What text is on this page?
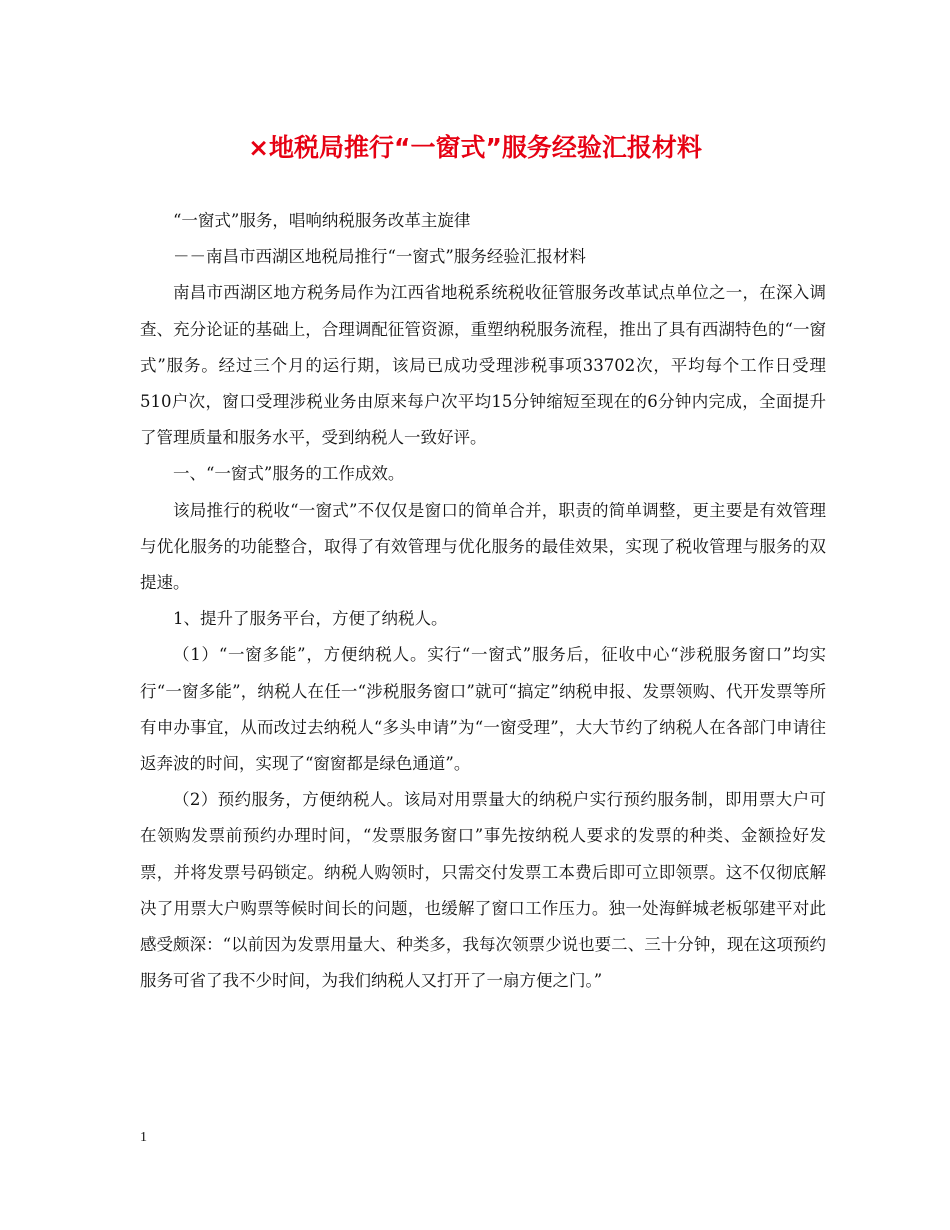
×地税局推行“一窗式”服务经验汇报材料

“一窗式”服务，唱响纳税服务改革主旋律

－－南昌市西湖区地税局推行“一窗式”服务经验汇报材料

南昌市西湖区地方税务局作为江西省地税系统税收征管服务改革试点单位之一，在深入调查、充分论证的基础上，合理调配征管资源，重塑纳税服务流程，推出了具有西湖特色的“一窗式”服务。经过三个月的运行期，该局已成功受理涉税事项33702次，平均每个工作日受理510户次，窗口受理涉税业务由原来每户次平均15分钟缩短至现在的6分钟内完成，全面提升了管理质量和服务水平，受到纳税人一致好评。

一、“一窗式”服务的工作成效。

该局推行的税收“一窗式”不仅仅是窗口的简单合并，职责的简单调整，更主要是有效管理与优化服务的功能整合，取得了有效管理与优化服务的最佳效果，实现了税收管理与服务的双提速。

1、提升了服务平台，方便了纳税人。

（1）“一窗多能”，方便纳税人。实行“一窗式”服务后，征收中心“涉税服务窗口”均实行“一窗多能”，纳税人在任一“涉税服务窗口”就可“搞定”纳税申报、发票领购、代开发票等所有申办事宜，从而改过去纳税人“多头申请”为“一窗受理”，大大节约了纳税人在各部门申请往返奔波的时间，实现了“窗窗都是绿色通道”。

（2）预约服务，方便纳税人。该局对用票量大的纳税户实行预约服务制，即用票大户可在领购发票前预约办理时间，“发票服务窗口”事先按纳税人要求的发票的种类、金额捡好发票，并将发票号码锁定。纳税人购领时，只需交付发票工本费后即可立即领票。这不仅彻底解决了用票大户购票等候时间长的问题，也缓解了窗口工作压力。独一处海鲜城老板邬建平对此感受颇深：“以前因为发票用量大、种类多，我每次领票少说也要二、三十分钟，现在这项预约服务可省了我不少时间，为我们纳税人又打开了一扇方便之门。”

1
